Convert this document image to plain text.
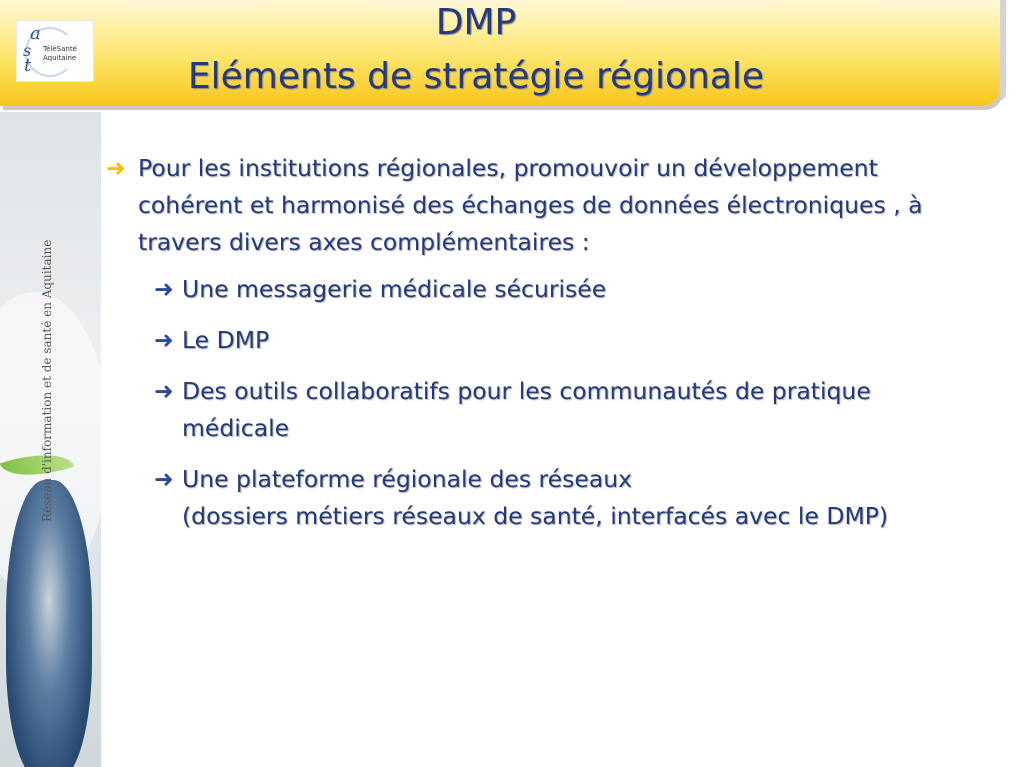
a
s
t
TéléSanté
Aquitaine
DMP
Eléments de stratégie régionale
Réseau d'information et de santé en Aquitaine

➜ Pour les institutions régionales, promouvoir un développement cohérent et harmonisé des échanges de données électroniques , à travers divers axes complémentaires :

➜ Une messagerie médicale sécurisée
➜ Le DMP
➜ Des outils collaboratifs pour les communautés de pratique médicale
➜ Une plateforme régionale des réseaux
(dossiers métiers réseaux de santé, interfacés avec le DMP)
